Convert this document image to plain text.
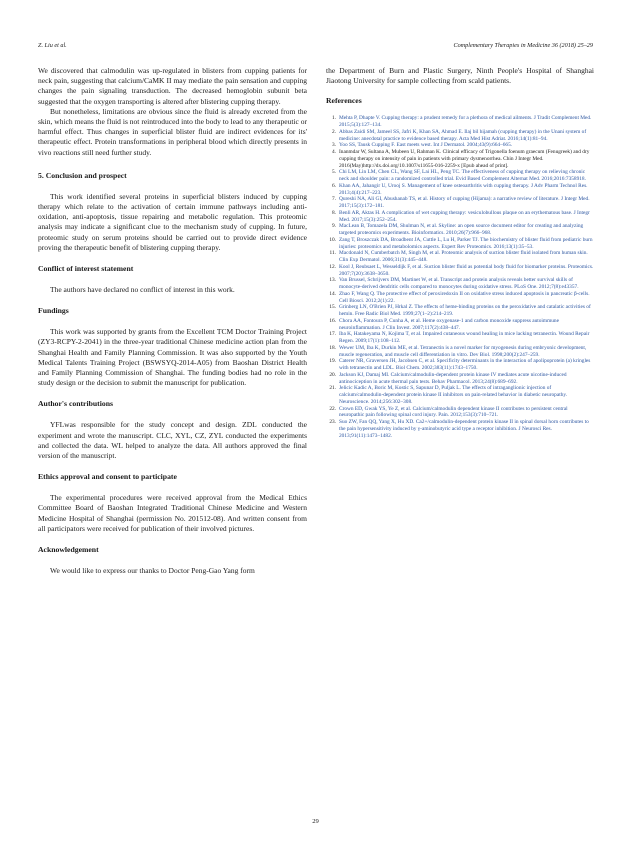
Z. Liu et al.	Complementary Therapies in Medicine 36 (2018) 25–29

We discovered that calmodulin was up-regulated in blisters from cupping patients for neck pain, suggesting that calcium/CaMK II may mediate the pain sensation and cupping changes the pain signaling transduction. The decreased hemoglobin subunit beta suggested that the oxygen transporting is altered after blistering cupping therapy.

But nonetheless, limitations are obvious since the fluid is already excreted from the skin, which means the fluid is not reintroduced into the body to lead to any therapeutic or harmful effect. Thus changes in superficial blister fluid are indirect evidences for its' therapeutic effect. Protein transformations in peripheral blood which directly presents in vivo reactions still need further study.

5. Conclusion and prospect

This work identified several proteins in superficial blisters induced by cupping therapy which relate to the activation of certain immune pathways including anti-oxidation, anti-apoptosis, tissue repairing and metabolic regulation. This proteomic analysis may indicate a significant clue to the mechanism study of cupping. In future, proteomic study on serum proteins should be carried out to provide direct evidence proving the therapeutic benefit of blistering cupping therapy.

Conflict of interest statement

The authors have declared no conflict of interest in this work.

Fundings

This work was supported by grants from the Excellent TCM Doctor Training Project (ZY3-RCPY-2-2041) in the three-year traditional Chinese medicine action plan from the Shanghai Health and Family Planning Commission. It was also supported by the Youth Medical Talents Training Project (BSWSYQ-2014-A05) from Baoshan District Health and Family Planning Commission of Shanghai. The funding bodies had no role in the study design or the decision to submit the manuscript for publication.

Author's contributions

YFLwas responsible for the study concept and design. ZDL conducted the experiment and wrote the manuscript. CLC, XYL, CZ, ZYL conducted the experiments and collected the data. WL helped to analyze the data. All authors approved the final version of the manuscript.

Ethics approval and consent to participate

The experimental procedures were received approval from the Medical Ethics Committee Board of Baoshan Integrated Traditional Chinese Medicine and Western Medicine Hospital of Shanghai (permission No. 201512-08). And written consent from all participators were received for publication of their involved pictures.

Acknowledgement

We would like to express our thanks to Doctor Peng-Gao Yang form

the Department of Burn and Plastic Surgery, Ninth People's Hospital of Shanghai Jiaotong University for sample collecting from scald patients.

References
1. Mehta P, Dhapte V. Cupping therapy: a prudent remedy for a plethora of medical ailments. J Tradit Complement Med. 2015;5(3):127–134.
2. Abbas Zaidi SM, Jameel SS, Jafri K, Khan SA, Ahmad E. Ilaj bil hijamah (cupping therapy) in the Unani system of medicine: anecdotal practice to evidence based therapy. Acta Med Hist Adriat. 2016;14(1):81–94.
3. Yoo SS, Tausk Cupping F. East meets west. Int J Dermatol. 2004;43(9):664–665.
4. Inanmdar W, Sultana A, Mubeen U, Rahman K. Clinical efficacy of Trigonella foenum graecum (Fenugreek) and dry cupping therapy on intensity of pain in patients with primary dysmenorrhea. Chin J Integr Med. 2016(May)http://dx.doi.org/10.1007/s11655-016-2259-x [Epub ahead of print].
5. Chi LM, Lin LM, Chen CL, Wang SF, Lai HL, Peng TC. The effectiveness of cupping therapy on relieving chronic neck and shoulder pain: a randomized controlled trial. Evid Based Complement Alternat Med. 2016;2016:7358918.
6. Khan AA, Jahangir U, Urooj S. Management of knee osteoarthritis with cupping therapy. J Adv Pharm Technol Res. 2013;4(4):217–223.
7. Qureshi NA, Ali GI, Abushanab TS, et al. History of cupping (Hijama): a narrative review of literature. J Integr Med. 2017;15(3):172–181.
8. Benli AR, Aktas H. A complication of wet cupping therapy: vesiculobullous plaque on an erythematous base. J Integr Med. 2017;15(3):252–254.
9. MacLean B, Tomazela DM, Shulman N, et al. Skyline: an open source document editor for creating and analyzing targeted proteomics experiments. Bioinformatics. 2010;26(7):966–968.
10. Zang T, Broszczak DA, Broadbent JA, Cuttle L, Lu H, Parker TJ. The biochemistry of blister fluid from pediatric burn injuries: proteomics and metabolomics aspects. Expert Rev Proteomics. 2016;13(1):35–53.
11. Macdonald N, Cumberbatch M, Singh M, et al. Proteomic analysis of suction blister fluid isolated from human skin. Clin Exp Dermatol. 2006;31(3):445–448.
12. Kool J, Reubsaet L, Wesseldijk F, et al. Suction blister fluid as potential body fluid for biomarker proteins. Proteomics. 2007;7(20):3638–3650.
13. Van Brussel, Schrijvers DM, Martinet W, et al. Transcript and protein analysis reveals better survival skills of monocyte-derived dendritic cells compared to monocytes during oxidative stress. PLoS One. 2012;7(8):e43357.
14. Zhao F, Wang Q. The protective effect of peroxiredoxin II on oxidative stress induced apoptosis in pancreatic β-cells. Cell Biosci. 2012;2(1):22.
15. Grinberg LN, O'Brien PJ, Hrkal Z. The effects of heme-binding proteins on the peroxidative and catalatic activities of hemin. Free Radic Biol Med. 1999;27(1–2):214–219.
16. Chora AA, Fontoura P, Cunha A, et al. Heme oxygenase-1 and carbon monoxide suppress autoimmune neuroinflammation. J Clin Invest. 2007;117(2):438–447.
17. Iba K, Hatakeyama N, Kojima T, et al. Impaired cutaneous wound healing in mice lacking tetranectin. Wound Repair Regen. 2009;17(1):108–112.
18. Wewer UM, Iba K, Durkin ME, et al. Tetranectin is a novel marker for myogenesis during embryonic development, muscle regeneration, and muscle cell differentiation in vitro. Dev Biol. 1998;200(2):247–259.
19. Caterer NR, Graversen JH, Jacobsen C, et al. Specificity determinants in the interaction of apolipoprotein (a) kringles with tetranectin and LDL. Biol Chem. 2002;383(11):1743–1750.
20. Jackson KJ, Damaj MI. Calcium/calmodulin-dependent protein kinase IV mediates acute nicotine-induced antinociception in acute thermal pain tests. Behav Pharmacol. 2013;24(8):689–692.
21. Jelicic Kadic A, Boric M, Kostic S, Sapunar D, Puljak L. The effects of intraganglionic injection of calcium/calmodulin-dependent protein kinase II inhibitors on pain-related behavior in diabetic neuropathy. Neuroscience. 2014;256:302–308.
22. Crown ED, Gwak YS, Ye Z, et al. Calcium/calmodulin dependent kinase II contributes to persistent central neuropathic pain following spinal cord injury. Pain. 2012;153(3):710–721.
23. Suo ZW, Fan QQ, Yang X, Hu XD. Ca2+/calmodulin-dependent protein kinase II in spinal dorsal horn contributes to the pain hypersensitivity induced by γ-aminobutyric acid type a receptor inhibition. J Neurosci Res. 2013;91(11):1473–1482.
29
